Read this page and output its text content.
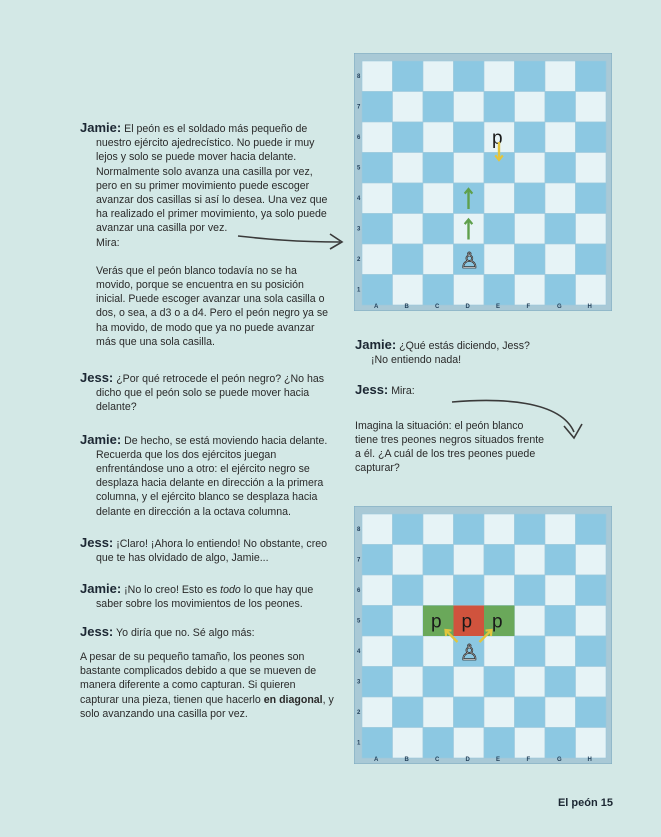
Jamie: El peón es el soldado más pequeño de nuestro ejército ajedrecístico. No puede ir muy lejos y solo se puede mover hacia delante. Normalmente solo avanza una casilla por vez, pero en su primer movimiento puede escoger avanzar dos casillas si así lo desea. Una vez que ha realizado el primer movimiento, ya solo puede avanzar una casilla por vez.

Mira:

Verás que el peón blanco todavía no se ha movido, porque se encuentra en su posición inicial. Puede escoger avanzar una sola casilla o dos, o sea, a d3 o a d4. Pero el peón negro ya se ha movido, de modo que ya no puede avanzar más que una sola casilla.

Jess: ¿Por qué retrocede el peón negro? ¿No has dicho que el peón solo se puede mover hacia delante?

Jamie: De hecho, se está moviendo hacia delante. Recuerda que los dos ejércitos juegan enfrentándose uno a otro: el ejército negro se desplaza hacia delante en dirección a la primera columna, y el ejército blanco se desplaza hacia delante en dirección a la octava columna.

Jess: ¡Claro! ¡Ahora lo entiendo! No obstante, creo que te has olvidado de algo, Jamie...

Jamie: ¡No lo creo! Esto es todo lo que hay que saber sobre los movimientos de los peones.

Jess: Yo diría que no. Sé algo más:

A pesar de su pequeño tamaño, los peones son bastante complicados debido a que se mueven de manera diferente a como capturan. Si quieren capturar una pieza, tienen que hacerlo en diagonal, y solo avanzando una casilla por vez.

Jamie: ¿Qué estás diciendo, Jess? ¡No entiendo nada!

Jess: Mira:

Imagina la situación: el peón blanco tiene tres peones negros situados frente a él. ¿A cuál de los tres peones puede capturar?

A	B	C	D	E	F	G	H
8
7
6
5
4
3
2
1
p
♙
A	B	C	D	E	F	G	H
8
7
6
5
4
3
2
1
p p p
♙
El peón 15
